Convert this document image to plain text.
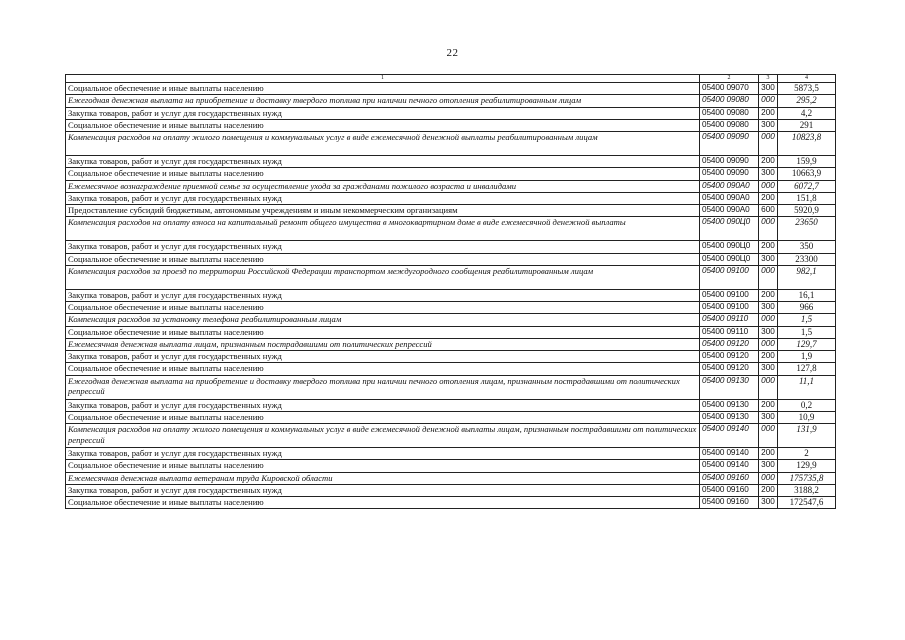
22
1	2	3	4
Социальное обеспечение и иные выплаты населению	05400 09070	300	5873,5
Ежегодная денежная выплата на приобретение и доставку твердого топлива при наличии печного отопления реабилитированным лицам	05400 09080	000	295,2
Закупка товаров, работ и услуг для государственных нужд	05400 09080	200	4,2
Социальное обеспечение и иные выплаты населению	05400 09080	300	291
Компенсация расходов на оплату жилого помещения и коммунальных услуг в виде ежемесячной денежной выплаты реабилитированным лицам	05400 09090	000	10823,8
Закупка товаров, работ и услуг для государственных нужд	05400 09090	200	159,9
Социальное обеспечение и иные выплаты населению	05400 09090	300	10663,9
Ежемесячное вознаграждение приемной семье за осуществление ухода за гражданами пожилого возраста и инвалидами	05400 090А0	000	6072,7
Закупка товаров, работ и услуг для государственных нужд	05400 090А0	200	151,8
Предоставление субсидий бюджетным, автономным учреждениям и иным некоммерческим организациям	05400 090А0	600	5920,9
Компенсация расходов на оплату взноса на капитальный ремонт общего имущества в многоквартирном доме в виде ежемесячной денежной выплаты	05400 090Ц0	000	23650
Закупка товаров, работ и услуг для государственных нужд	05400 090Ц0	200	350
Социальное обеспечение и иные выплаты населению	05400 090Ц0	300	23300
Компенсация расходов за проезд по территории Российской Федерации транспортом междугородного сообщения реабилитированным лицам	05400 09100	000	982,1
Закупка товаров, работ и услуг для государственных нужд	05400 09100	200	16,1
Социальное обеспечение и иные выплаты населению	05400 09100	300	966
Компенсация расходов за установку телефона реабилитированным лицам	05400 09110	000	1,5
Социальное обеспечение и иные выплаты населению	05400 09110	300	1,5
Ежемесячная денежная выплата лицам, признанным пострадавшими от политических репрессий	05400 09120	000	129,7
Закупка товаров, работ и услуг для государственных нужд	05400 09120	200	1,9
Социальное обеспечение и иные выплаты населению	05400 09120	300	127,8
Ежегодная денежная выплата на приобретение и доставку твердого топлива при наличии печного отопления лицам, признанным пострадавшими от политических репрессий	05400 09130	000	11,1
Закупка товаров, работ и услуг для государственных нужд	05400 09130	200	0,2
Социальное обеспечение и иные выплаты населению	05400 09130	300	10,9
Компенсация расходов на оплату жилого помещения и коммунальных услуг в виде ежемесячной денежной выплаты лицам, признанным пострадавшими от политических репрессий	05400 09140	000	131,9
Закупка товаров, работ и услуг для государственных нужд	05400 09140	200	2
Социальное обеспечение и иные выплаты населению	05400 09140	300	129,9
Ежемесячная денежная выплата ветеранам труда Кировской области	05400 09160	000	175735,8
Закупка товаров, работ и услуг для государственных нужд	05400 09160	200	3188,2
Социальное обеспечение и иные выплаты населению	05400 09160	300	172547,6
